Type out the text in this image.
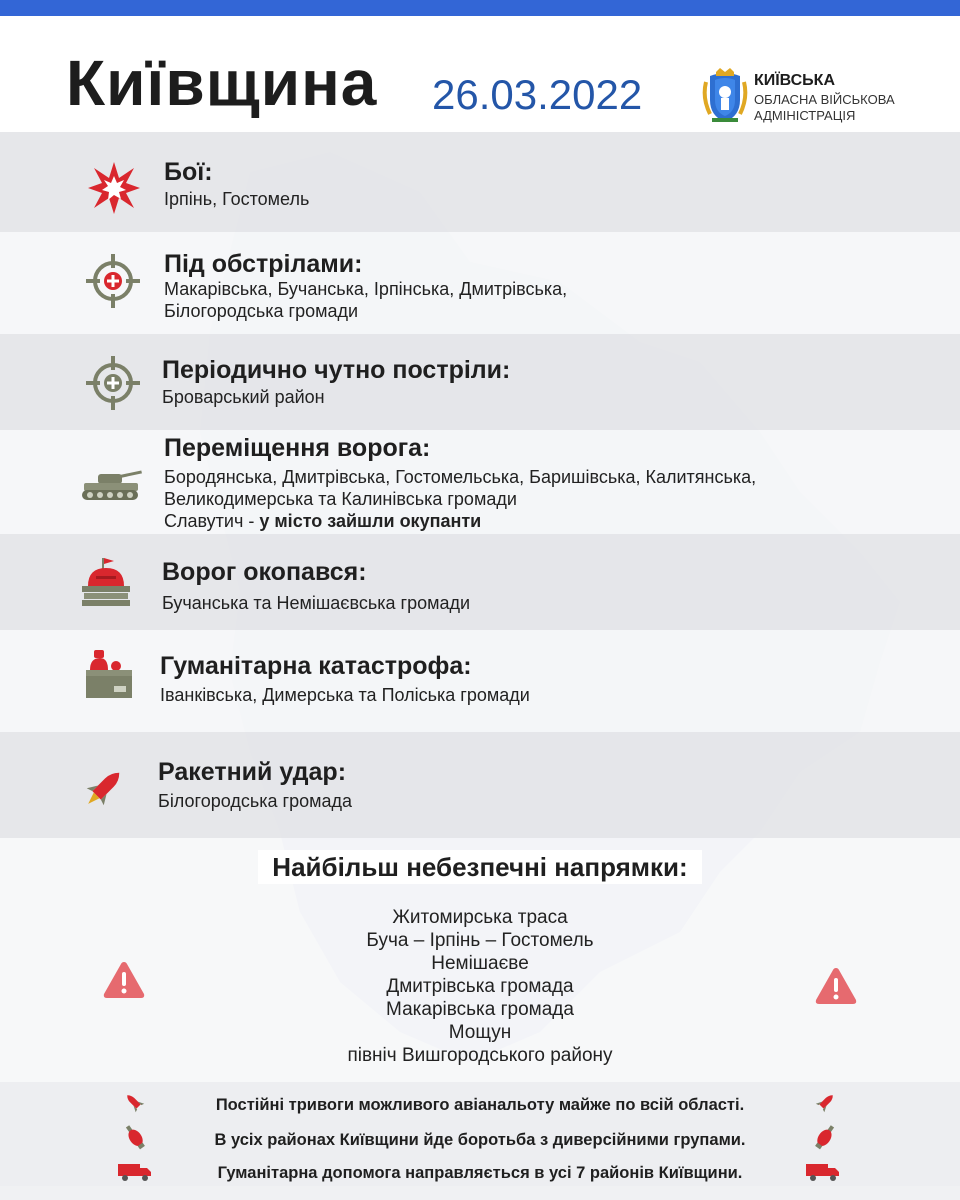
Київщина 26.03.2022	КИЇВСЬКА
ОБЛАСНА ВІЙСЬКОВА
АДМІНІСТРАЦІЯ
Бої:
Ірпінь, Гостомель
Під обстрілами:
Макарівська, Бучанська, Ірпінська, Дмитрівська,
Білогородська громади
Періодично чутно постріли:
Броварський район
Переміщення ворога:
Бородянська, Дмитрівська, Гостомельська, Баришівська, Калитянська,
Великодимерська та Калинівська громади
Славутич - у місто зайшли окупанти
Ворог окопався:
Бучанська та Немішаєвська громади
Гуманітарна катастрофа:
Іванківська, Димерська та Поліська громади
Ракетний удар:
Білогородська громада
Найбільш небезпечні напрямки:
Житомирська траса
Буча – Ірпінь – Гостомель
Немішаєве
Дмитрівська громада
Макарівська громада
Мощун
північ Вишгородського району
Постійні тривоги можливого авіанальоту майже по всій області.
В усіх районах Київщини йде боротьба з диверсійними групами.
Гуманітарна допомога направляється в усі 7 районів Київщини.
